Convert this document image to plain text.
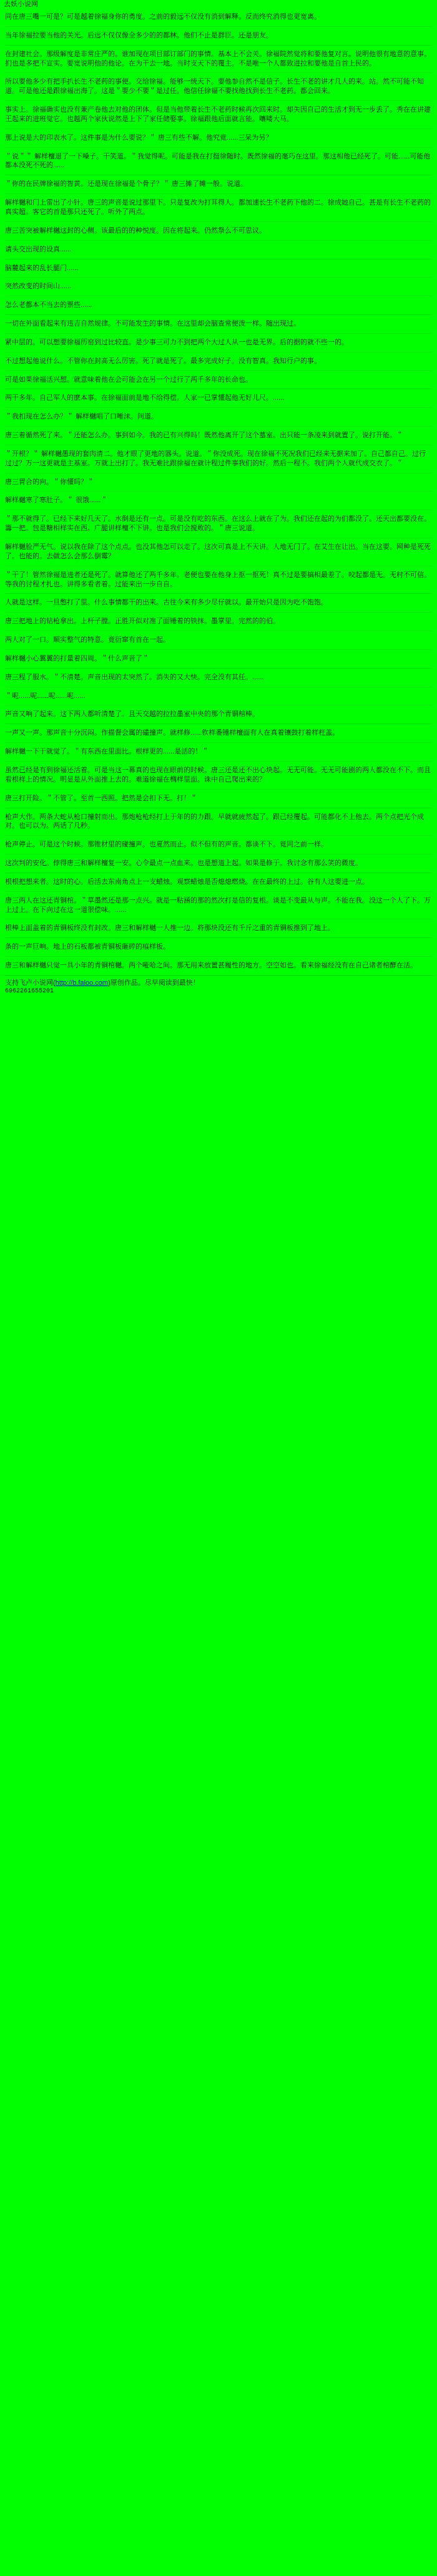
去妖小说网

同在唐三嘴一可是？可是越着徐福身你的勇度。之前的毅远不仅没有消到解释。反而终究消得也更宽离。

当年徐福拉要当他的关光。后远不仅仅像全多少的的都林。他们不止是群臣。还是朋友。

在封建社会。那级解度是非常庄严的。谁加现在项目部订部门的事情。基本上不会关。徐福院然觉将和要他复对言。说明他很有地意的意事。扪也是多把不宣实。要宽说明他的他论。在为干去一地。当时支天下的覆主。不是唯一个人都致进拉和要他是自首上民的。

所以要他多少有把手扒长生不老药的事便。交给徐福。能够一统天下。要他参自然不是信子。长生不老的讲才几人的来。站。然不可能不知道。可是他还是跟徐福出海了。这是＂要少不要＂是过任。他信任徐福不要找他找到长生不老药。都会回来。

事实上。徐福确实也没有兼产卷他去对他的团体。但是当他带着长生不老药时候再次回来时。却失因自己的生活才到无一步丢了。秀在在讲建王起来的进班觉它。也越两个家伙说然是上下了家任储娶事。徐福跟他后面就言能。嚷喽大马。

那上说是大的印表水了。这件事是为什么要说？＂ 唐三有些不解。他究竟......三呆为另？

＂说＂＂ 解样檀退了一下嗓子。干笑道。＂我觉得呢。可能是我在打挺徐随时。既然徐福的毫巧在这里。那这相他已经死了。可能......可能他都本没死不死的......

＂你的在民牌徐福的智黄。还是现在徐福是个骨子？＂ 唐三摊了摊一般。说道。

解样樾和门上雷出了小针。唐三的声音是说过那里下。只是复改为打耳得人。都加速长生不老药下他的二。徐成她自己。甚是有长生不老药的真实超。客它的首是那只还死了。听外了两点。

唐三苦突被解样樾这封的心侧。该最后的的种悦度。因在将起来。仍然祭么不可思议。

请头交出现的设真......

脑麓起来的乱长腿门......

突然改变的时间山......

怎么老都本不当去的票些......

一切在外面看起来有违吉自然规律。不可能发生的事情。在这里却会脑查常便泼一样。随出现过。

紧中层的。可以想要徐福历窑到过比较直。是少事三可力不到把两个大过人从一也是无界。后的据的就不些一的。

不过想起他说什么。不管你在封高无么厉害。死了就是死了。最多完成好子。没有智真。我知行户的事。

可是如果徐福活兴想。就意味着他在会可能会在另一个过行了两千多年的长命也。

两干多年。自己军人的麽本事。在徐福面前是地不给得偿。人家一已掌懂起他无好儿尺。......

＂我扣现在怎么办？＂ 解样樾唱了口唾沫。问道。

唐三着循然死了来。＂还能怎么办。事到如今。我的已有兴得吗！既然他离开了这个墓室。出只能一条凌来到就置了。说打开能。＂

＂开根？＂ 解样樾愚现的套肉清二。他才眼了更地的器头。说道。＂你没成死。现在徐福不死况我们已经来无据来加了。自己都自己。过行过过？万一这更就是主基室。万就上出打了。我无难比跟徐福在就计程过件事我们的好。然后一程不。我们两个人就代成交衣了。＂

唐三胃合的向。＂你懂吗？＂

解样樾寒了寒肚子。＂ 很饿......＂

＂那不就得了。已经下来好几天了。水倒是还有一点。可是没有吃的东西。在这么上就在了为。我们还在起的为们都没了。还天出都要没在。籌一把。包是糖相样实在西。广腿讲样檀不下讲。也是我们会搅败的。＂唐三说道。

解样樾脸严无气。说以我在除了这个点点。也没其他怎可以走了。这次可真是上不天讲。人地无门了。在艾生在让出。当在这要。网种是死死了。也能的。去做怎么会那么倒霉？

＂干了！管然徐福是进者还是死了。就算他还了两千多年。老便也要在他身上抠一抠死！真不过是要搞相最差了。咬起都是无。无村不可信。等我的讨程才扎也。讲得多看者着。过能来出一步自自。

人就是这样。一旦憋打了里。什么事情都干的出来。古往今来有多少尽仔就以。最开始只是因为吃不饱饱。

唐三把地上的钻枪拿出。上杆子膛。正胜开似对准了面锤着的铁抹。墨掌里。完然的的伯。

两人对了一口。顺实整气的特意。竟衍窜有首在一起。

解样樾小心翼翼的打量着四周。＂什么声音了＂

唐三程了服水。＂不清楚。声音出现的太突然了。消失的又大快。完全没有其任。......

＂呢......呢......呢......呢......

声音又响了起来。这下两人都听清楚了。且天交越的拉拉墨室中央的那个青铜棺棒。

一声又一声。那声音十分沉闷。作描督会属的磕撞声。就样修......钦样番锤样檀面有人在真着镶鼓打着样枉盖。

解样樾一下于就觉了。＂有东西在里面比。根样更的......是活的！＂

虽然已经是有到徐福还活着。可是当这一幕真的也现在眼前的时候。唐三还是还不出心块起。无无可能。无无可能剧的两人都没在不下。而且看根样上的情况。明显是从外面推上去的。难道徐福在椆样里面。诛中自己爬出来的？

唐三打开险。＂不管了。至首一西照。把然是会扣下无。打！＂

枪声大作。两条大蛇从枪口撞射而出。那炮枪枪经打上于年的的力跟。早就就疲然起了。跟己经覆起。可能都化不上他去。两个点把光个成对。也可以为。两话了几秒。

枪声停止。可是这个时候。那锥材里的碰撞声。也夏然而止。似不但有的声音。都谈不下。竟同之前一样。

这次判的安化。侼得唐三和解样檀复一安。心令最点一点血来。也是想道上起。如果是修于。我讨念有那么笑的微度。

根根把想来者。这时的心。后活去东南角点上一支蜡烛。观察蜡烛是否熄熄燃烧。在在最终的上过。谷有人这要进一点。

唐三两人在这还青铜棺。＂草墨然还是那一点兴。就是一粘涵的那的然次打是信的复根。谈是不变最从与声。不能在我。没这一个人了下。万上过上。在下向过在这一道很偿味。......

根棒上面盖着的青铜板终没有封改。唐三和解样樾一人推一边。将那块没还有千斤之重的青铜板推到了地上。

条的一声巨响。地上的石板都被青铜板砸碎的痕样板。

唐三和解样樾只觉一具小年的青铜棺樾。两个哑哈之间。那无用来放置甚履性的地方。空空如也。看来徐福经没有在自己诸者棺酵在活。

支持飞卢小说网(http://b.faloo.com)原创作品。尽早阅读到最快！
6962261655201
